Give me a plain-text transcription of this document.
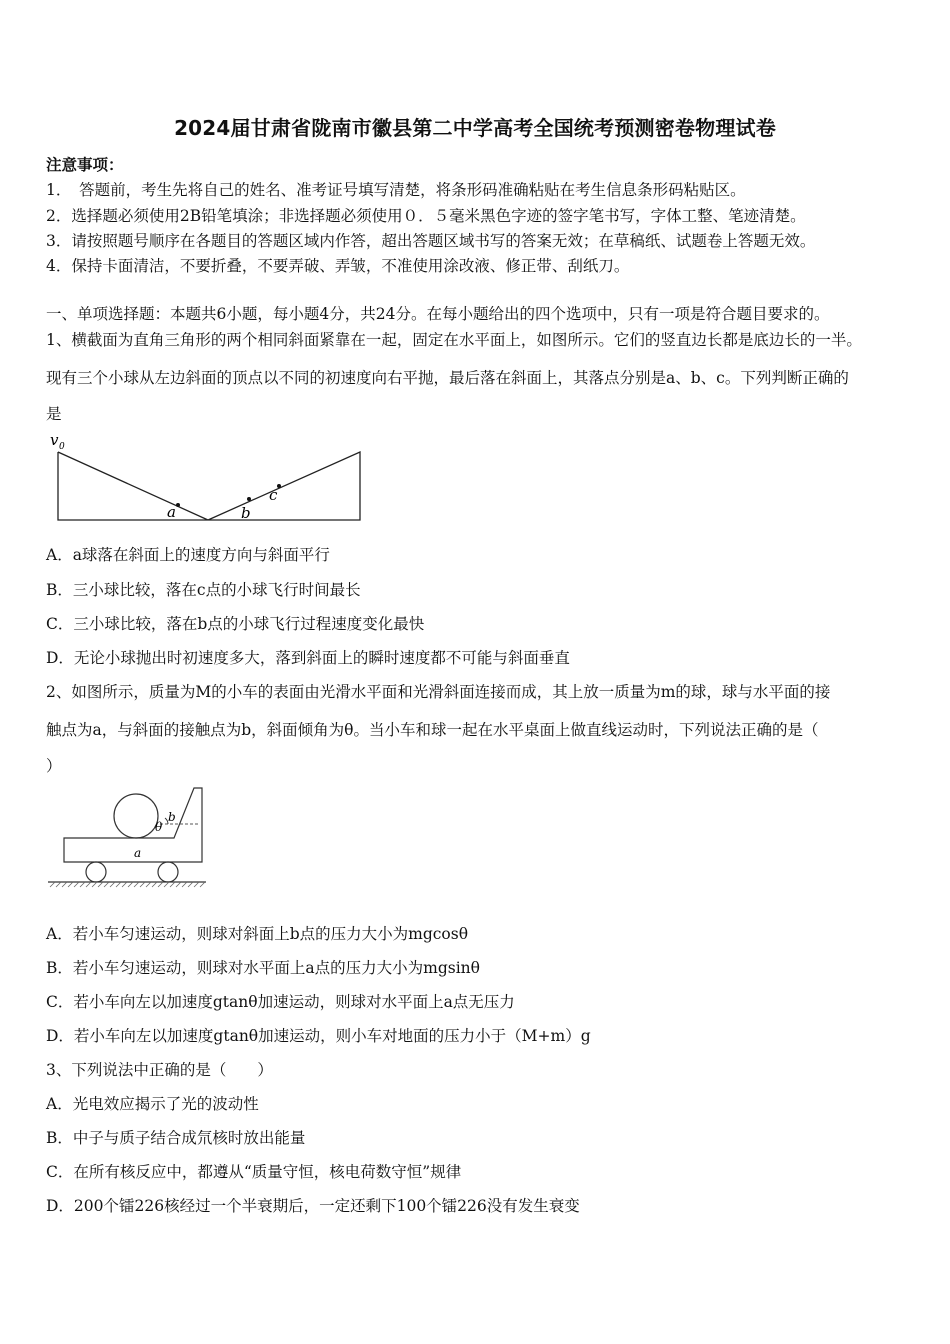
2024届甘肃省陇南市徽县第二中学高考全国统考预测密卷物理试卷
注意事项：
1．　答题前，考生先将自己的姓名、准考证号填写清楚，将条形码准确粘贴在考生信息条形码粘贴区。
2．选择题必须使用2B铅笔填涂；非选择题必须使用０．５毫米黑色字迹的签字笔书写，字体工整、笔迹清楚。
3．请按照题号顺序在各题目的答题区域内作答，超出答题区域书写的答案无效；在草稿纸、试题卷上答题无效。
4．保持卡面清洁，不要折叠，不要弄破、弄皱，不准使用涂改液、修正带、刮纸刀。
一、单项选择题：本题共6小题，每小题4分，共24分。在每小题给出的四个选项中，只有一项是符合题目要求的。
1、横截面为直角三角形的两个相同斜面紧靠在一起，固定在水平面上，如图所示。它们的竖直边长都是底边长的一半。
现有三个小球从左边斜面的顶点以不同的初速度向右平抛，最后落在斜面上，其落点分别是a、b、c。下列判断正确的
是
v 0
a	b
c
A．a球落在斜面上的速度方向与斜面平行
B．三小球比较，落在c点的小球飞行时间最长
C．三小球比较，落在b点的小球飞行过程速度变化最快
D．无论小球抛出时初速度多大，落到斜面上的瞬时速度都不可能与斜面垂直
2、如图所示，质量为M的小车的表面由光滑水平面和光滑斜面连接而成，其上放一质量为m的球，球与水平面的接
触点为a，与斜面的接触点为b，斜面倾角为θ。当小车和球一起在水平桌面上做直线运动时，下列说法正确的是（
）
θ
b
a
A．若小车匀速运动，则球对斜面上b点的压力大小为mgcosθ
B．若小车匀速运动，则球对水平面上a点的压力大小为mgsinθ
C．若小车向左以加速度gtanθ加速运动，则球对水平面上a点无压力
D．若小车向左以加速度gtanθ加速运动，则小车对地面的压力小于（M+m）g
3、下列说法中正确的是（　　）
A．光电效应揭示了光的波动性
B．中子与质子结合成氘核时放出能量
C．在所有核反应中，都遵从“质量守恒，核电荷数守恒”规律
D．200个镭226核经过一个半衰期后，一定还剩下100个镭226没有发生衰变
